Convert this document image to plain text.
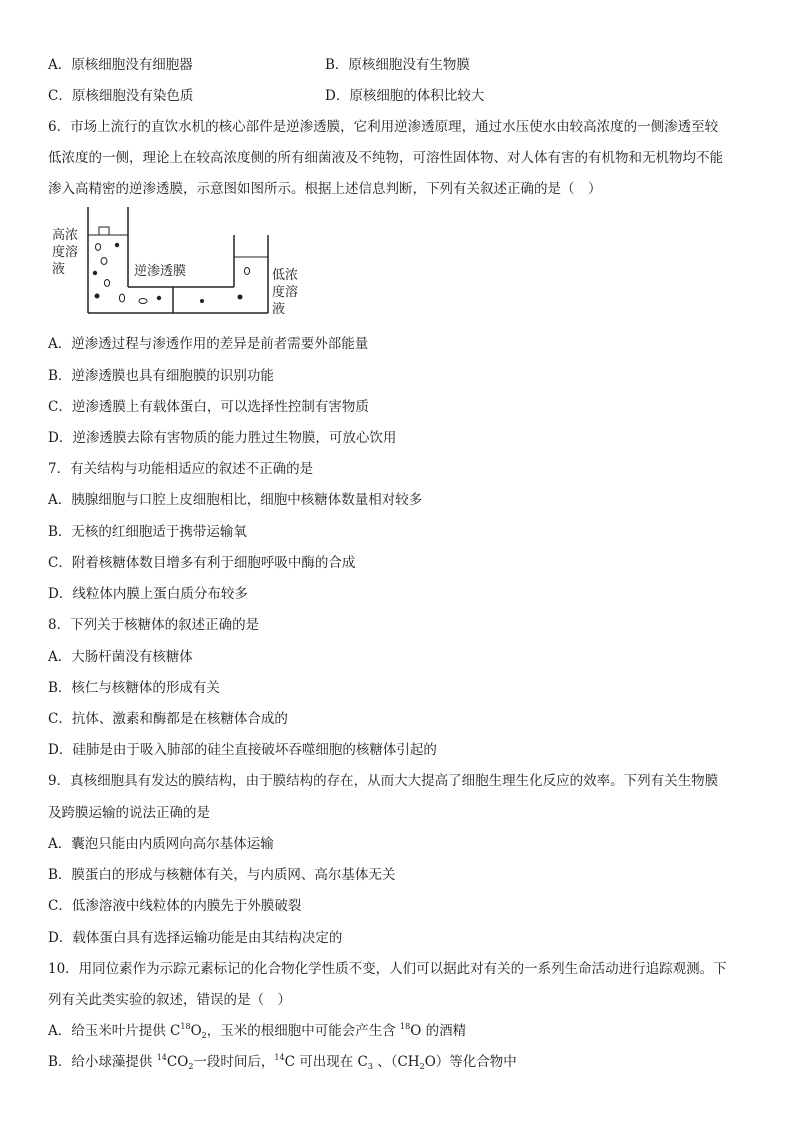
A．原核细胞没有细胞器	B．原核细胞没有生物膜
C．原核细胞没有染色质	D．原核细胞的体积比较大
6．市场上流行的直饮水机的核心部件是逆渗透膜，它利用逆渗透原理，通过水压使水由较高浓度的一侧渗透至较
低浓度的一侧，理论上在较高浓度侧的所有细菌液及不纯物，可溶性固体物、对人体有害的有机物和无机物均不能
渗入高精密的逆渗透膜，示意图如图所示。根据上述信息判断，下列有关叙述正确的是（　）
高浓
度溶
液	逆渗透膜	低浓
度溶
液
A．逆渗透过程与渗透作用的差异是前者需要外部能量
B．逆渗透膜也具有细胞膜的识别功能
C．逆渗透膜上有载体蛋白，可以选择性控制有害物质
D．逆渗透膜去除有害物质的能力胜过生物膜，可放心饮用
7．有关结构与功能相适应的叙述不正确的是
A．胰腺细胞与口腔上皮细胞相比，细胞中核糖体数量相对较多
B．无核的红细胞适于携带运输氧
C．附着核糖体数目增多有利于细胞呼吸中酶的合成
D．线粒体内膜上蛋白质分布较多
8．下列关于核糖体的叙述正确的是
A．大肠杆菌没有核糖体
B．核仁与核糖体的形成有关
C．抗体、激素和酶都是在核糖体合成的
D．硅肺是由于吸入肺部的硅尘直接破坏吞噬细胞的核糖体引起的
9．真核细胞具有发达的膜结构，由于膜结构的存在，从而大大提高了细胞生理生化反应的效率。下列有关生物膜
及跨膜运输的说法正确的是
A．囊泡只能由内质网向高尔基体运输
B．膜蛋白的形成与核糖体有关，与内质网、高尔基体无关
C．低渗溶液中线粒体的内膜先于外膜破裂
D．载体蛋白具有选择运输功能是由其结构决定的
10．用同位素作为示踪元素标记的化合物化学性质不变，人们可以据此对有关的一系列生命活动进行追踪观测。下
列有关此类实验的叙述，错误的是（　）
A．给玉米叶片提供 $C^{18}O_2$，玉米的根细胞中可能会产生含 $^{18}$O 的酒精
B．给小球藻提供 $^{14}CO_2$一段时间后，$^{14}$C 可出现在 $C_3$ 、$(CH_2O)$等化合物中
